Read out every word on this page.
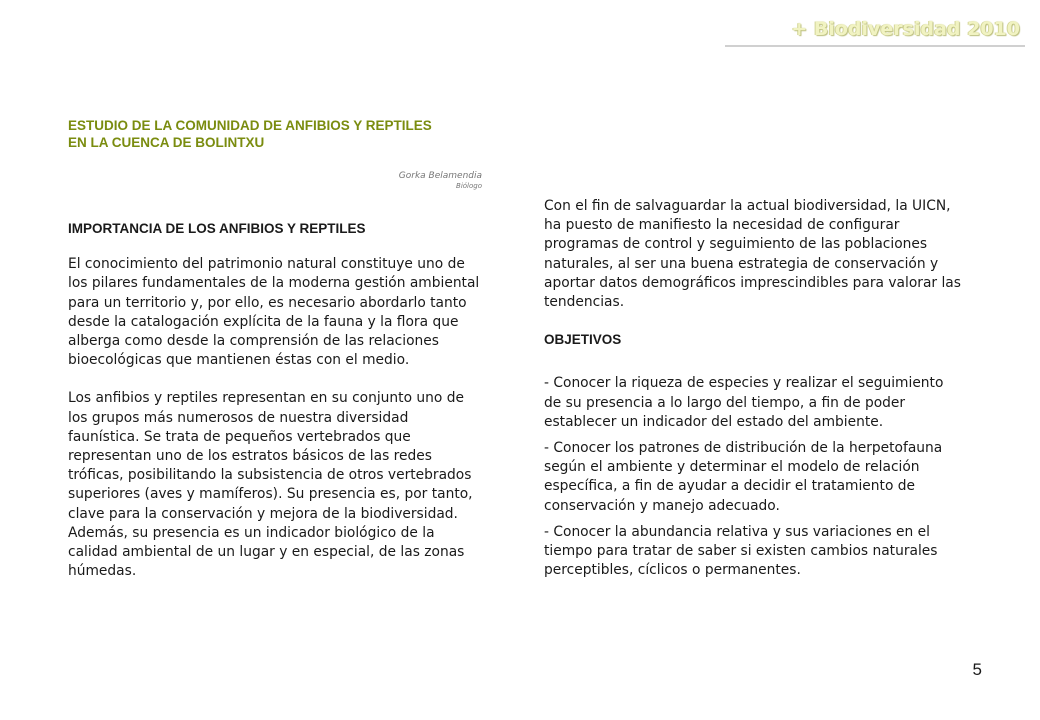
+ Biodiversidad 2010
ESTUDIO DE LA COMUNIDAD DE ANFIBIOS Y REPTILES
EN LA CUENCA DE BOLINTXU
Gorka Belamendia
Biólogo
IMPORTANCIA DE LOS ANFIBIOS Y REPTILES

El conocimiento del patrimonio natural constituye uno de los pilares fundamentales de la moderna gestión ambiental para un territorio y, por ello, es necesario abordarlo tanto desde la catalogación explícita de la fauna y la flora que alberga como desde la comprensión de las relaciones bioecológicas que mantienen éstas con el medio.

Los anfibios y reptiles representan en su conjunto uno de los grupos más numerosos de nuestra diversidad faunística. Se trata de pequeños vertebrados que representan uno de los estratos básicos de las redes tróficas, posibilitando la subsistencia de otros vertebrados superiores (aves y mamíferos). Su presencia es, por tanto, clave para la conservación y mejora de la biodiversidad. Además, su presencia es un indicador biológico de la calidad ambiental de un lugar y en especial, de las zonas húmedas.

Con el fin de salvaguardar la actual biodiversidad, la UICN, ha puesto de manifiesto la necesidad de configurar programas de control y seguimiento de las poblaciones naturales, al ser una buena estrategia de conservación y aportar datos demográficos imprescindibles para valorar las tendencias.

OBJETIVOS

- Conocer la riqueza de especies y realizar el seguimiento de su presencia a lo largo del tiempo, a fin de poder establecer un indicador del estado del ambiente.

- Conocer los patrones de distribución de la herpetofauna según el ambiente y determinar el modelo de relación específica, a fin de ayudar a decidir el tratamiento de conservación y manejo adecuado.

- Conocer la abundancia relativa y sus variaciones en el tiempo para tratar de saber si existen cambios naturales perceptibles, cíclicos o permanentes.

5
